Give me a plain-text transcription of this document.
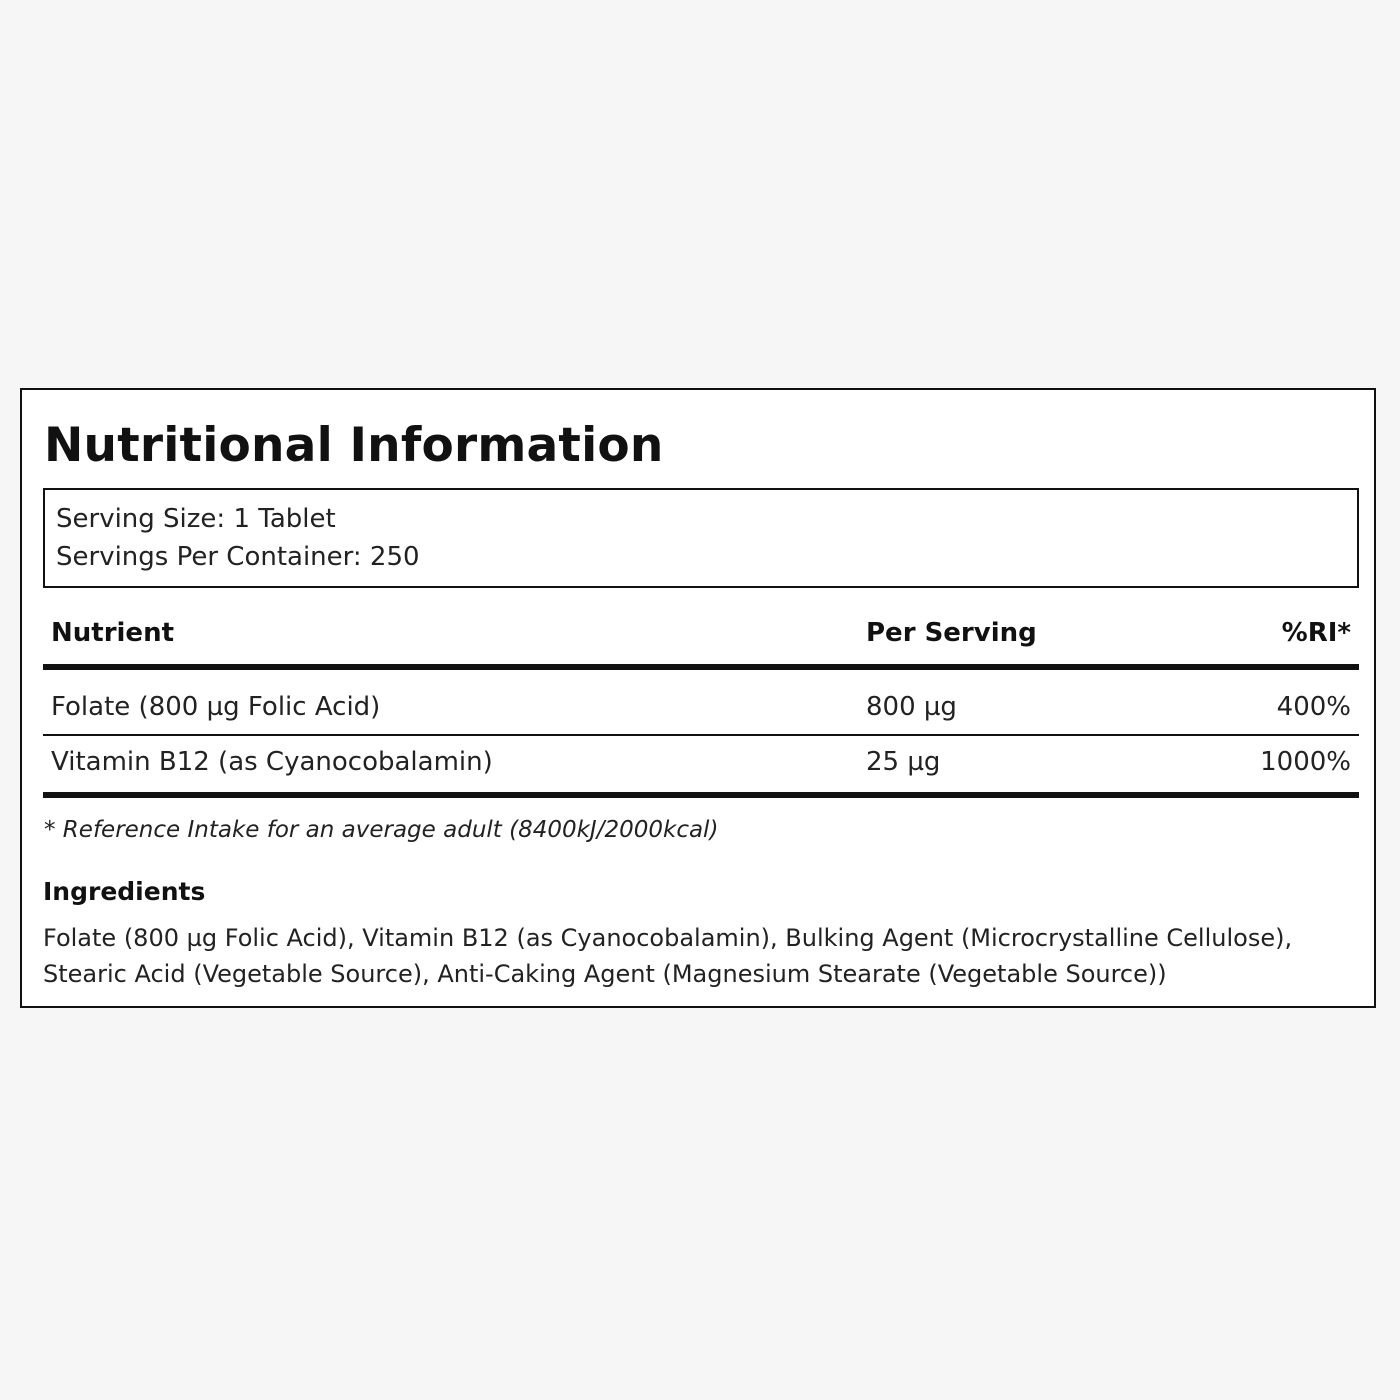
Nutritional Information
Serving Size: 1 Tablet
Servings Per Container: 250
Nutrient	Per Serving	%RI*
Folate (800 µg Folic Acid)	800 µg	400%
Vitamin B12 (as Cyanocobalamin)	25 µg	1000%
* Reference Intake for an average adult (8400kJ/2000kcal)
Ingredients

Folate (800 µg Folic Acid), Vitamin B12 (as Cyanocobalamin), Bulking Agent (Microcrystalline Cellulose), Stearic Acid (Vegetable Source), Anti-Caking Agent (Magnesium Stearate (Vegetable Source))
